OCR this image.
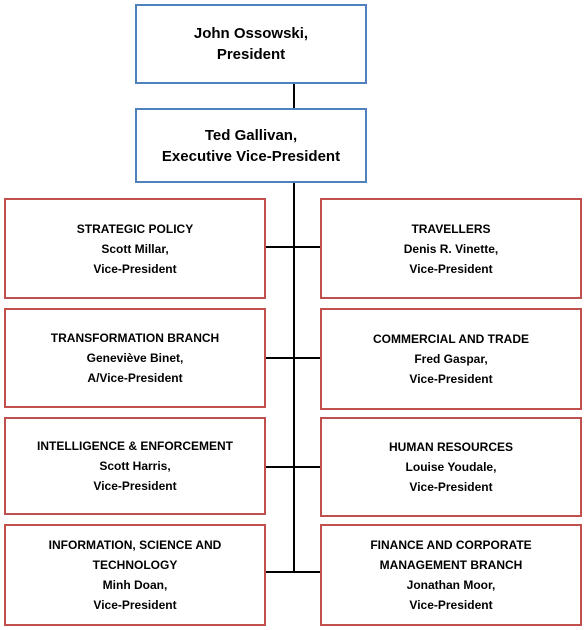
John Ossowski,
President
Ted Gallivan,
Executive Vice-President
STRATEGIC POLICY
Scott Millar,
Vice-President
TRANSFORMATION BRANCH
Geneviève Binet,
A/Vice-President
INTELLIGENCE & ENFORCEMENT
Scott Harris,
Vice-President
INFORMATION, SCIENCE AND
TECHNOLOGY
Minh Doan,
Vice-President
TRAVELLERS
Denis R. Vinette,
Vice-President
COMMERCIAL AND TRADE
Fred Gaspar,
Vice-President
HUMAN RESOURCES
Louise Youdale,
Vice-President
FINANCE AND CORPORATE
MANAGEMENT BRANCH
Jonathan Moor,
Vice-President
